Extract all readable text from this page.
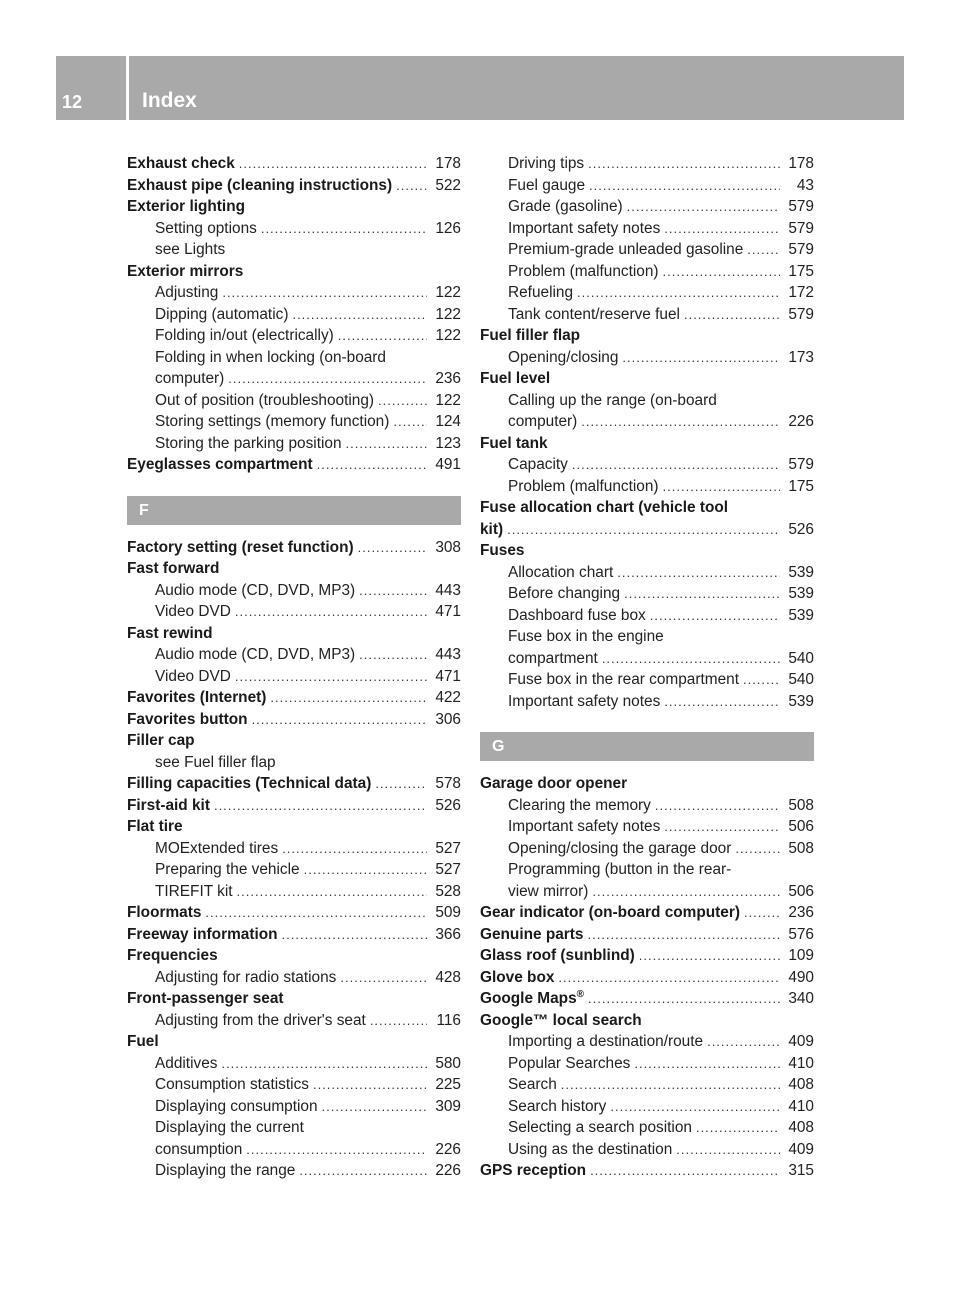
12	Index
Exhaust check .....	178
Exhaust pipe (cleaning instructions) .....	522
Exterior lighting
Setting options .....	126
see Lights
Exterior mirrors
Adjusting .....	122
Dipping (automatic) .....	122
Folding in/out (electrically) .....	122
Folding in when locking (on-board
computer) .....	236
Out of position (troubleshooting) .....	122
Storing settings (memory function) .....	124
Storing the parking position .....	123
Eyeglasses compartment .....	491
F
Factory setting (reset function) .....	308
Fast forward
Audio mode (CD, DVD, MP3) .....	443
Video DVD .....	471
Fast rewind
Audio mode (CD, DVD, MP3) .....	443
Video DVD .....	471
Favorites (Internet) .....	422
Favorites button .....	306
Filler cap
see Fuel filler flap
Filling capacities (Technical data) .....	578
First-aid kit .....	526
Flat tire
MOExtended tires .....	527
Preparing the vehicle .....	527
TIREFIT kit .....	528
Floormats .....	509
Freeway information .....	366
Frequencies
Adjusting for radio stations .....	428
Front-passenger seat
Adjusting from the driver's seat .....	116
Fuel
Additives .....	580
Consumption statistics .....	225
Displaying consumption .....	309
Displaying the current
consumption .....	226
Displaying the range .....	226
Driving tips .....	178
Fuel gauge .....	43
Grade (gasoline) .....	579
Important safety notes .....	579
Premium-grade unleaded gasoline .....	579
Problem (malfunction) .....	175
Refueling .....	172
Tank content/reserve fuel .....	579
Fuel filler flap
Opening/closing .....	173
Fuel level
Calling up the range (on-board
computer) .....	226
Fuel tank
Capacity .....	579
Problem (malfunction) .....	175
Fuse allocation chart (vehicle tool
kit) .....	526
Fuses
Allocation chart .....	539
Before changing .....	539
Dashboard fuse box .....	539
Fuse box in the engine
compartment .....	540
Fuse box in the rear compartment .....	540
Important safety notes .....	539
G
Garage door opener
Clearing the memory .....	508
Important safety notes .....	506
Opening/closing the garage door .....	508
Programming (button in the rear-
view mirror) .....	506
Gear indicator (on-board computer) .....	236
Genuine parts .....	576
Glass roof (sunblind) .....	109
Glove box .....	490
Google Maps® .....	340
Google™ local search
Importing a destination/route .....	409
Popular Searches .....	410
Search .....	408
Search history .....	410
Selecting a search position .....	408
Using as the destination .....	409
GPS reception .....	315
